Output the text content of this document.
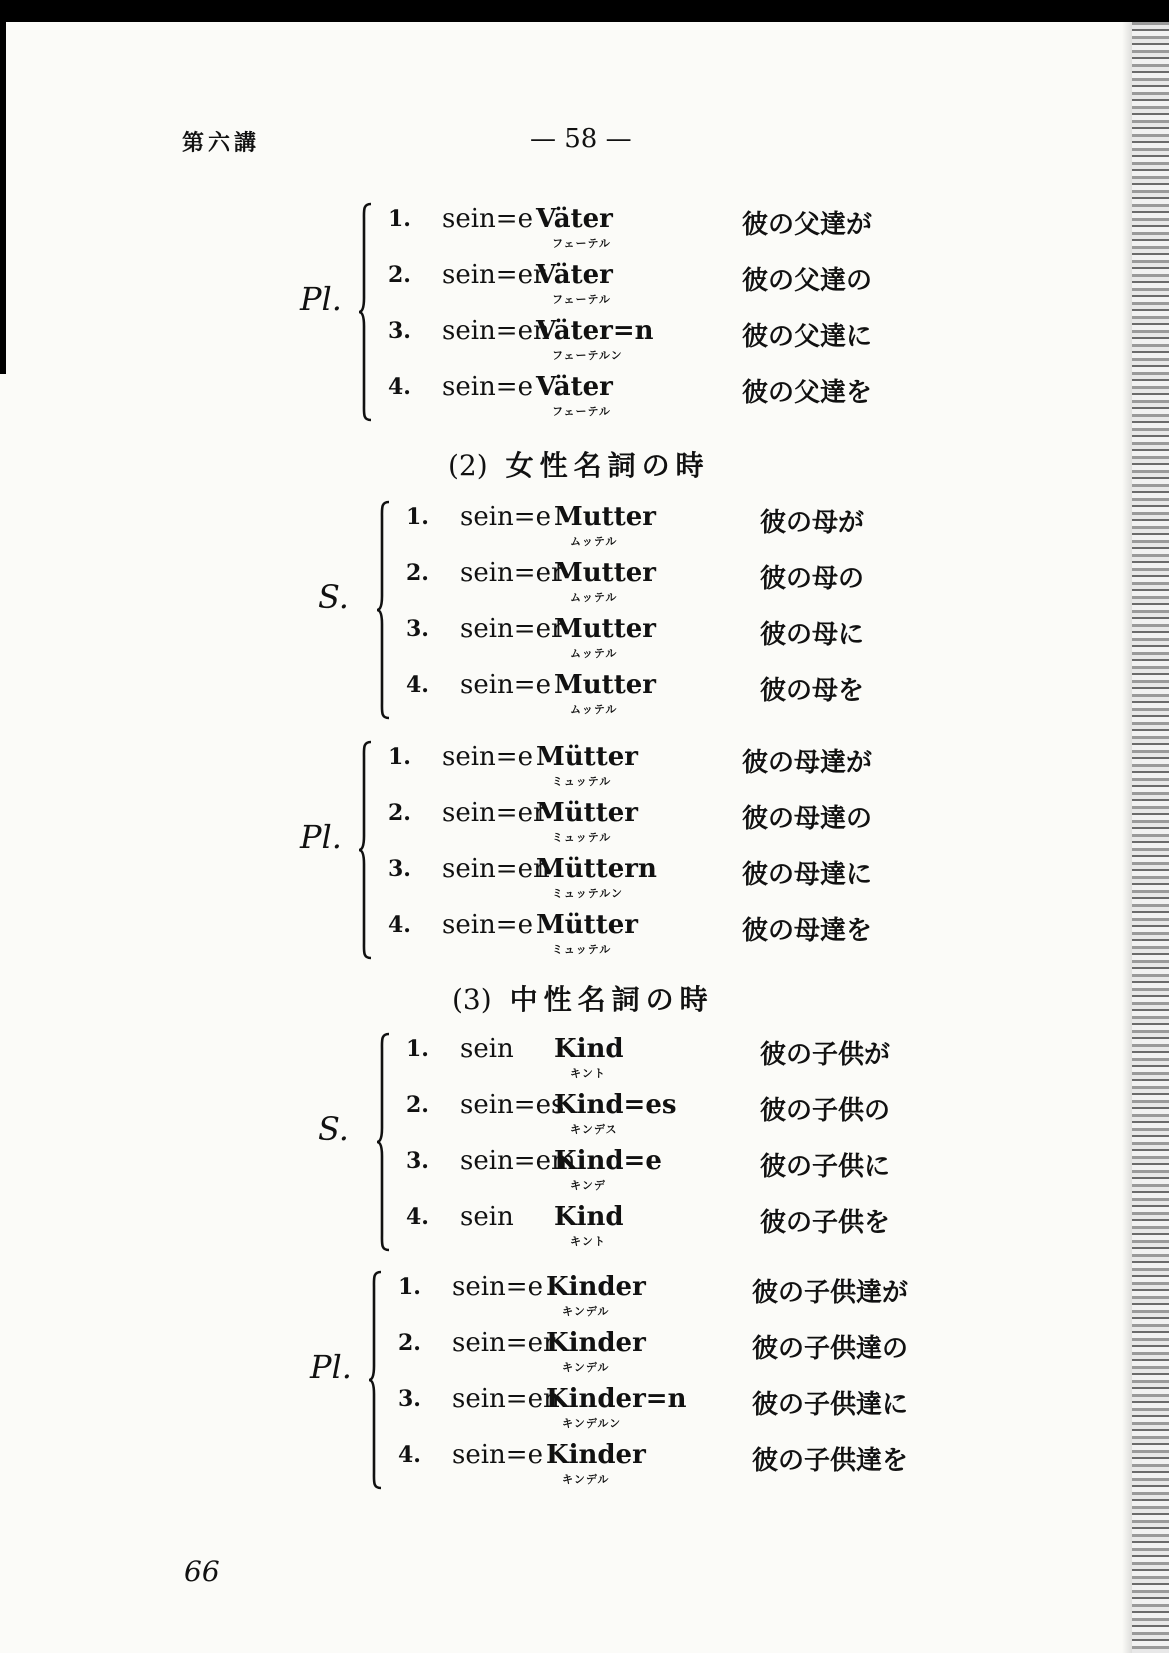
第六講	— 58 —
(2) 女性名詞の時
(3) 中性名詞の時
Pl.
1. sein=e Väter
フェーテル
彼の父達が
2. sein=er
Väter
フェーテル
彼の父達の
3. sein=en
Väter=n
フェーテルン
彼の父達に
4. sein=e Väter
フェーテル
彼の父達を
S.
1. sein=e Mutter
ムッテル
彼の母が
2. sein=er
Mutter
ムッテル
彼の母の
3. sein=er
Mutter
ムッテル
彼の母に
4. sein=e Mutter
ムッテル
彼の母を
Pl.
1. sein=e Mütter
ミュッテル
彼の母達が
2. sein=er
Mütter
ミュッテル
彼の母達の
3. sein=en
Müttern
ミュッテルン
彼の母達に
4. sein=e Mütter
ミュッテル
彼の母達を
S.
1. sein Kind
キント
彼の子供が
2. sein=es
Kind=es
キンデス
彼の子供の
3. sein=em
Kind=e
キンデ
彼の子供に
4. sein Kind
キント
彼の子供を
Pl.
1. sein=e Kinder
キンデル
彼の子供達が
2. sein=er
Kinder
キンデル
彼の子供達の
3. sein=en
Kinder=n
キンデルン
彼の子供達に
4. sein=e Kinder
キンデル
彼の子供達を
66
